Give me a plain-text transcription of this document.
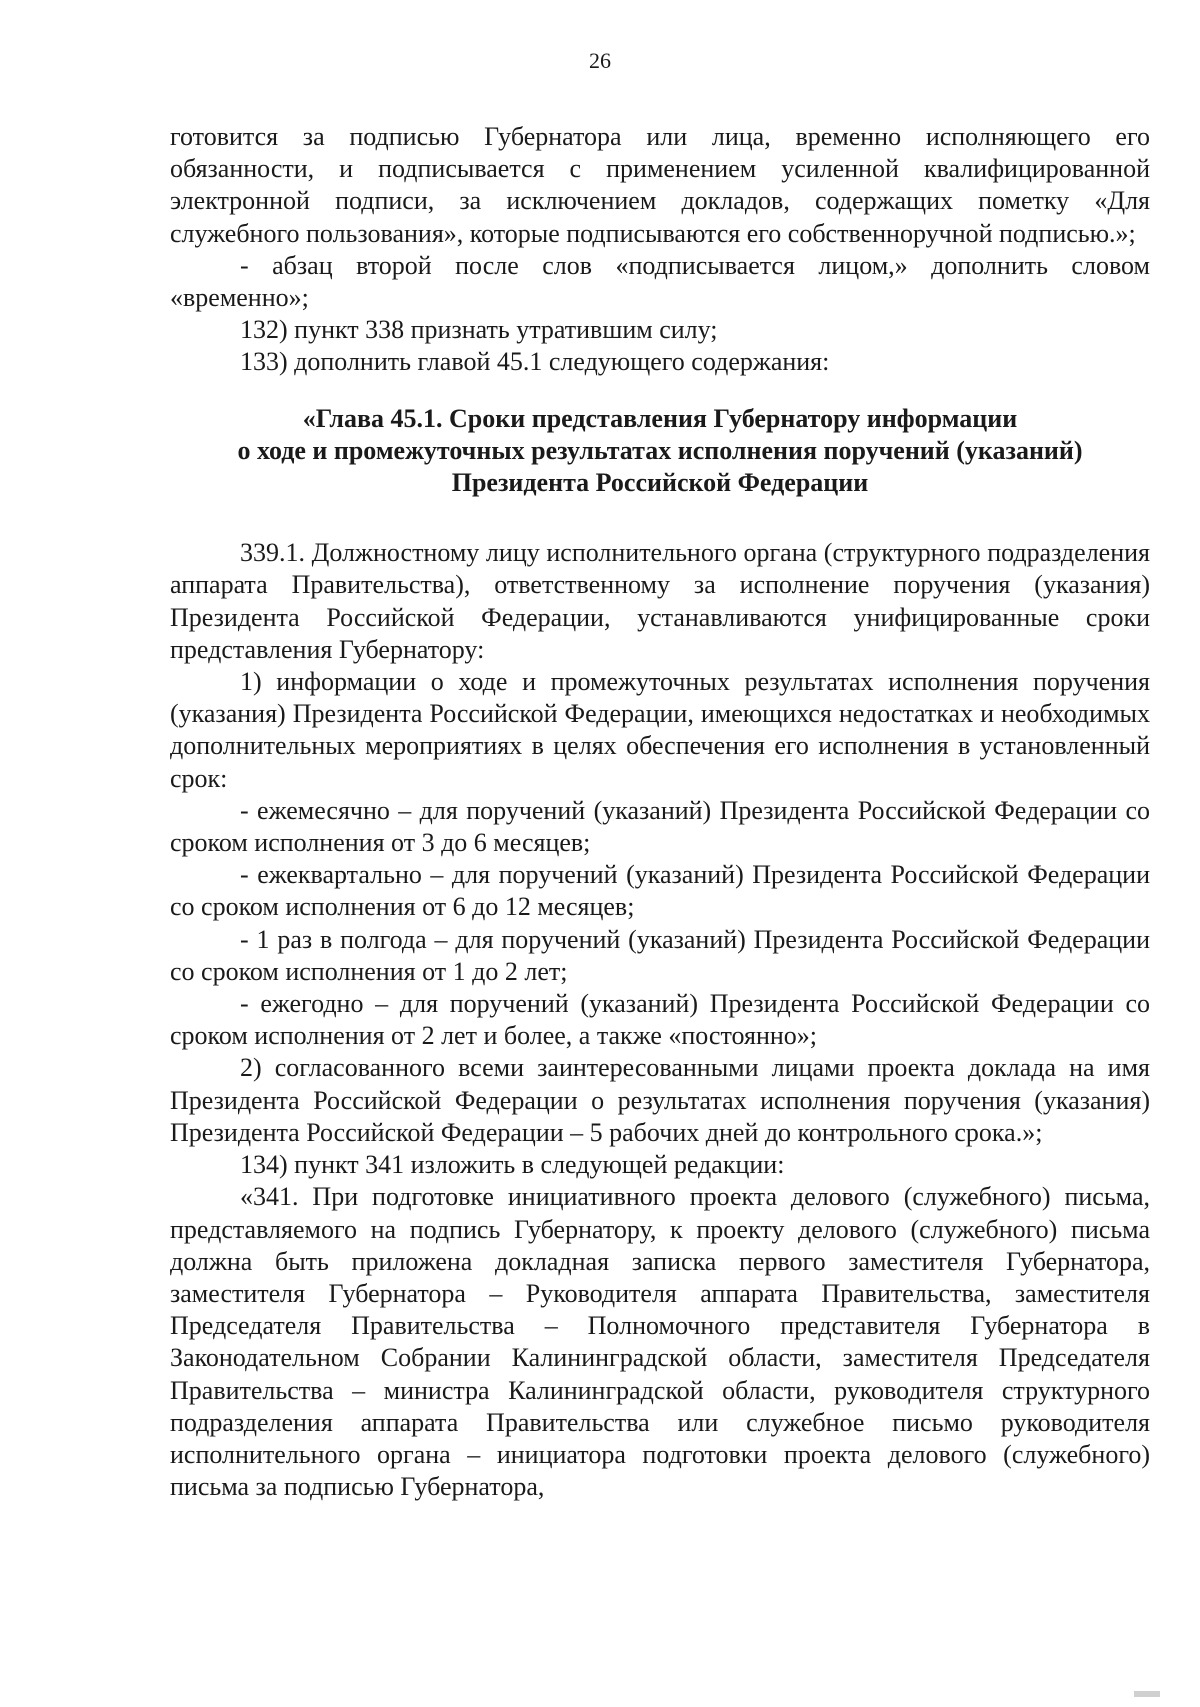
26

готовится за подписью Губернатора или лица, временно исполняющего его обязанности, и подписывается с применением усиленной квалифицированной электронной подписи, за исключением докладов, содержащих пометку «Для служебного пользования», которые подписываются его собственноручной подписью.»;

- абзац второй после слов «подписывается лицом,» дополнить словом «временно»;

132) пункт 338 признать утратившим силу;

133) дополнить главой 45.1 следующего содержания:

«Глава 45.1. Сроки представления Губернатору информации
о ходе и промежуточных результатах исполнения поручений (указаний)
Президента Российской Федерации

339.1. Должностному лицу исполнительного органа (структурного подразделения аппарата Правительства), ответственному за исполнение поручения (указания) Президента Российской Федерации, устанавливаются унифицированные сроки представления Губернатору:

1) информации о ходе и промежуточных результатах исполнения поручения (указания) Президента Российской Федерации, имеющихся недостатках и необходимых дополнительных мероприятиях в целях обеспечения его исполнения в установленный срок:

- ежемесячно – для поручений (указаний) Президента Российской Федерации со сроком исполнения от 3 до 6 месяцев;

- ежеквартально – для поручений (указаний) Президента Российской Федерации со сроком исполнения от 6 до 12 месяцев;

- 1 раз в полгода – для поручений (указаний) Президента Российской Федерации со сроком исполнения от 1 до 2 лет;

- ежегодно – для поручений (указаний) Президента Российской Федерации со сроком исполнения от 2 лет и более, а также «постоянно»;

2) согласованного всеми заинтересованными лицами проекта доклада на имя Президента Российской Федерации о результатах исполнения поручения (указания) Президента Российской Федерации – 5 рабочих дней до контрольного срока.»;

134) пункт 341 изложить в следующей редакции:

«341. При подготовке инициативного проекта делового (служебного) письма, представляемого на подпись Губернатору, к проекту делового (служебного) письма должна быть приложена докладная записка первого заместителя Губернатора, заместителя Губернатора – Руководителя аппарата Правительства, заместителя Председателя Правительства – Полномочного представителя Губернатора в Законодательном Собрании Калининградской области, заместителя Председателя Правительства – министра Калининградской области, руководителя структурного подразделения аппарата Правительства или служебное письмо руководителя исполнительного органа – инициатора подготовки проекта делового (служебного) письма за подписью Губернатора,
